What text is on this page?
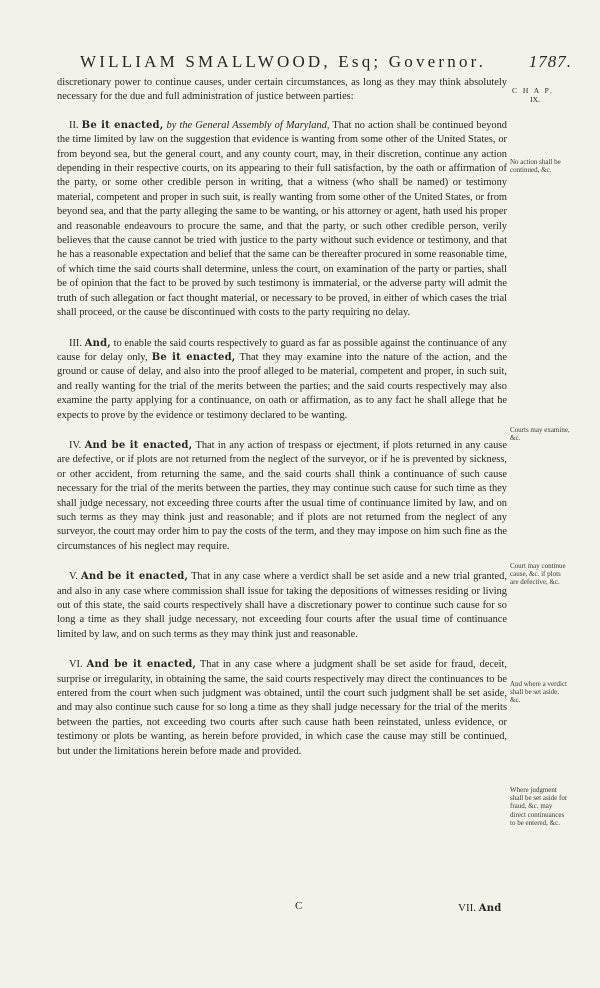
WILLIAM SMALLWOOD, Esq; Governor.	1787.
C H A P.
IX.

discretionary power to continue causes, under certain circumstances, as long as they may think absolutely necessary for the due and full administration of justice between parties:

II. Be it enacted, by the General Assembly of Maryland, That no action shall be continued beyond the time limited by law on the suggestion that evidence is wanting from some other of the United States, or from beyond sea, but the general court, and any county court, may, in their discretion, continue any action depending in their respective courts, on its appearing to their full satisfaction, by the oath or affirmation of the party, or some other credible person in writing, that a witness (who shall be named) or testimony material, competent and proper in such suit, is really wanting from some other of the United States, or from beyond sea, and that the party alleging the same to be wanting, or his attorney or agent, hath used his proper and reasonable endeavours to procure the same, and that the party, or such other credible person, verily believes that the cause cannot be tried with justice to the party without such evidence or testimony, and that he has a reasonable expectation and belief that the same can be thereafter procured in some reasonable time, of which time the said courts shall determine, unless the court, on examination of the party or parties, shall be of opinion that the fact to be proved by such testimony is immaterial, or the adverse party will admit the truth of such allegation or fact thought material, or necessary to be proved, in either of which cases the trial shall proceed, or the cause be discontinued with costs to the party requiring no delay.

III. And, to enable the said courts respectively to guard as far as possible against the continuance of any cause for delay only, Be it enacted, That they may examine into the nature of the action, and the ground or cause of delay, and also into the proof alleged to be material, competent and proper, in such suit, and really wanting for the trial of the merits between the parties; and the said courts respectively may also examine the party applying for a continuance, on oath or affirmation, as to any fact he shall allege that he expects to prove by the evidence or testimony declared to be wanting.

IV. And be it enacted, That in any action of trespass or ejectment, if plots returned in any cause are defective, or if plots are not returned from the neglect of the surveyor, or if he is prevented by sickness, or other accident, from returning the same, and the said courts shall think a continuance of such cause necessary for the trial of the merits between the parties, they may continue such cause for such time as they shall judge necessary, not exceeding three courts after the usual time of continuance limited by law, and on such terms as they may think just and reasonable; and if plots are not returned from the neglect of any surveyor, the court may order him to pay the costs of the term, and they may impose on him such fine as the circumstances of his neglect may require.

V. And be it enacted, That in any case where a verdict shall be set aside and a new trial granted, and also in any case where commission shall issue for taking the depositions of witnesses residing or living out of this state, the said courts respectively shall have a discretionary power to continue such cause for so long a time as they shall judge necessary, not exceeding four courts after the usual time of continuance limited by law, and on such terms as they may think just and reasonable.

VI. And be it enacted, That in any case where a judgment shall be set aside for fraud, deceit, surprise or irregularity, in obtaining the same, the said courts respectively may direct the continuances to be entered from the court when such judgment was obtained, until the court such judgment shall be set aside, and may also continue such cause for so long a time as they shall judge necessary for the trial of the merits between the parties, not exceeding two courts after such cause hath been reinstated, unless evidence, or testimony or plots be wanting, as herein before provided, in which case the cause may still be continued, but under the limitations herein before made and provided.

No action shall be continued, &c.
Courts may examine, &c.
Court may continue cause, &c. if plots are defective, &c.
And where a verdict shall be set aside, &c.
Where judgment shall be set aside for fraud, &c. may direct continuances to be entered, &c.
C	VII. And
